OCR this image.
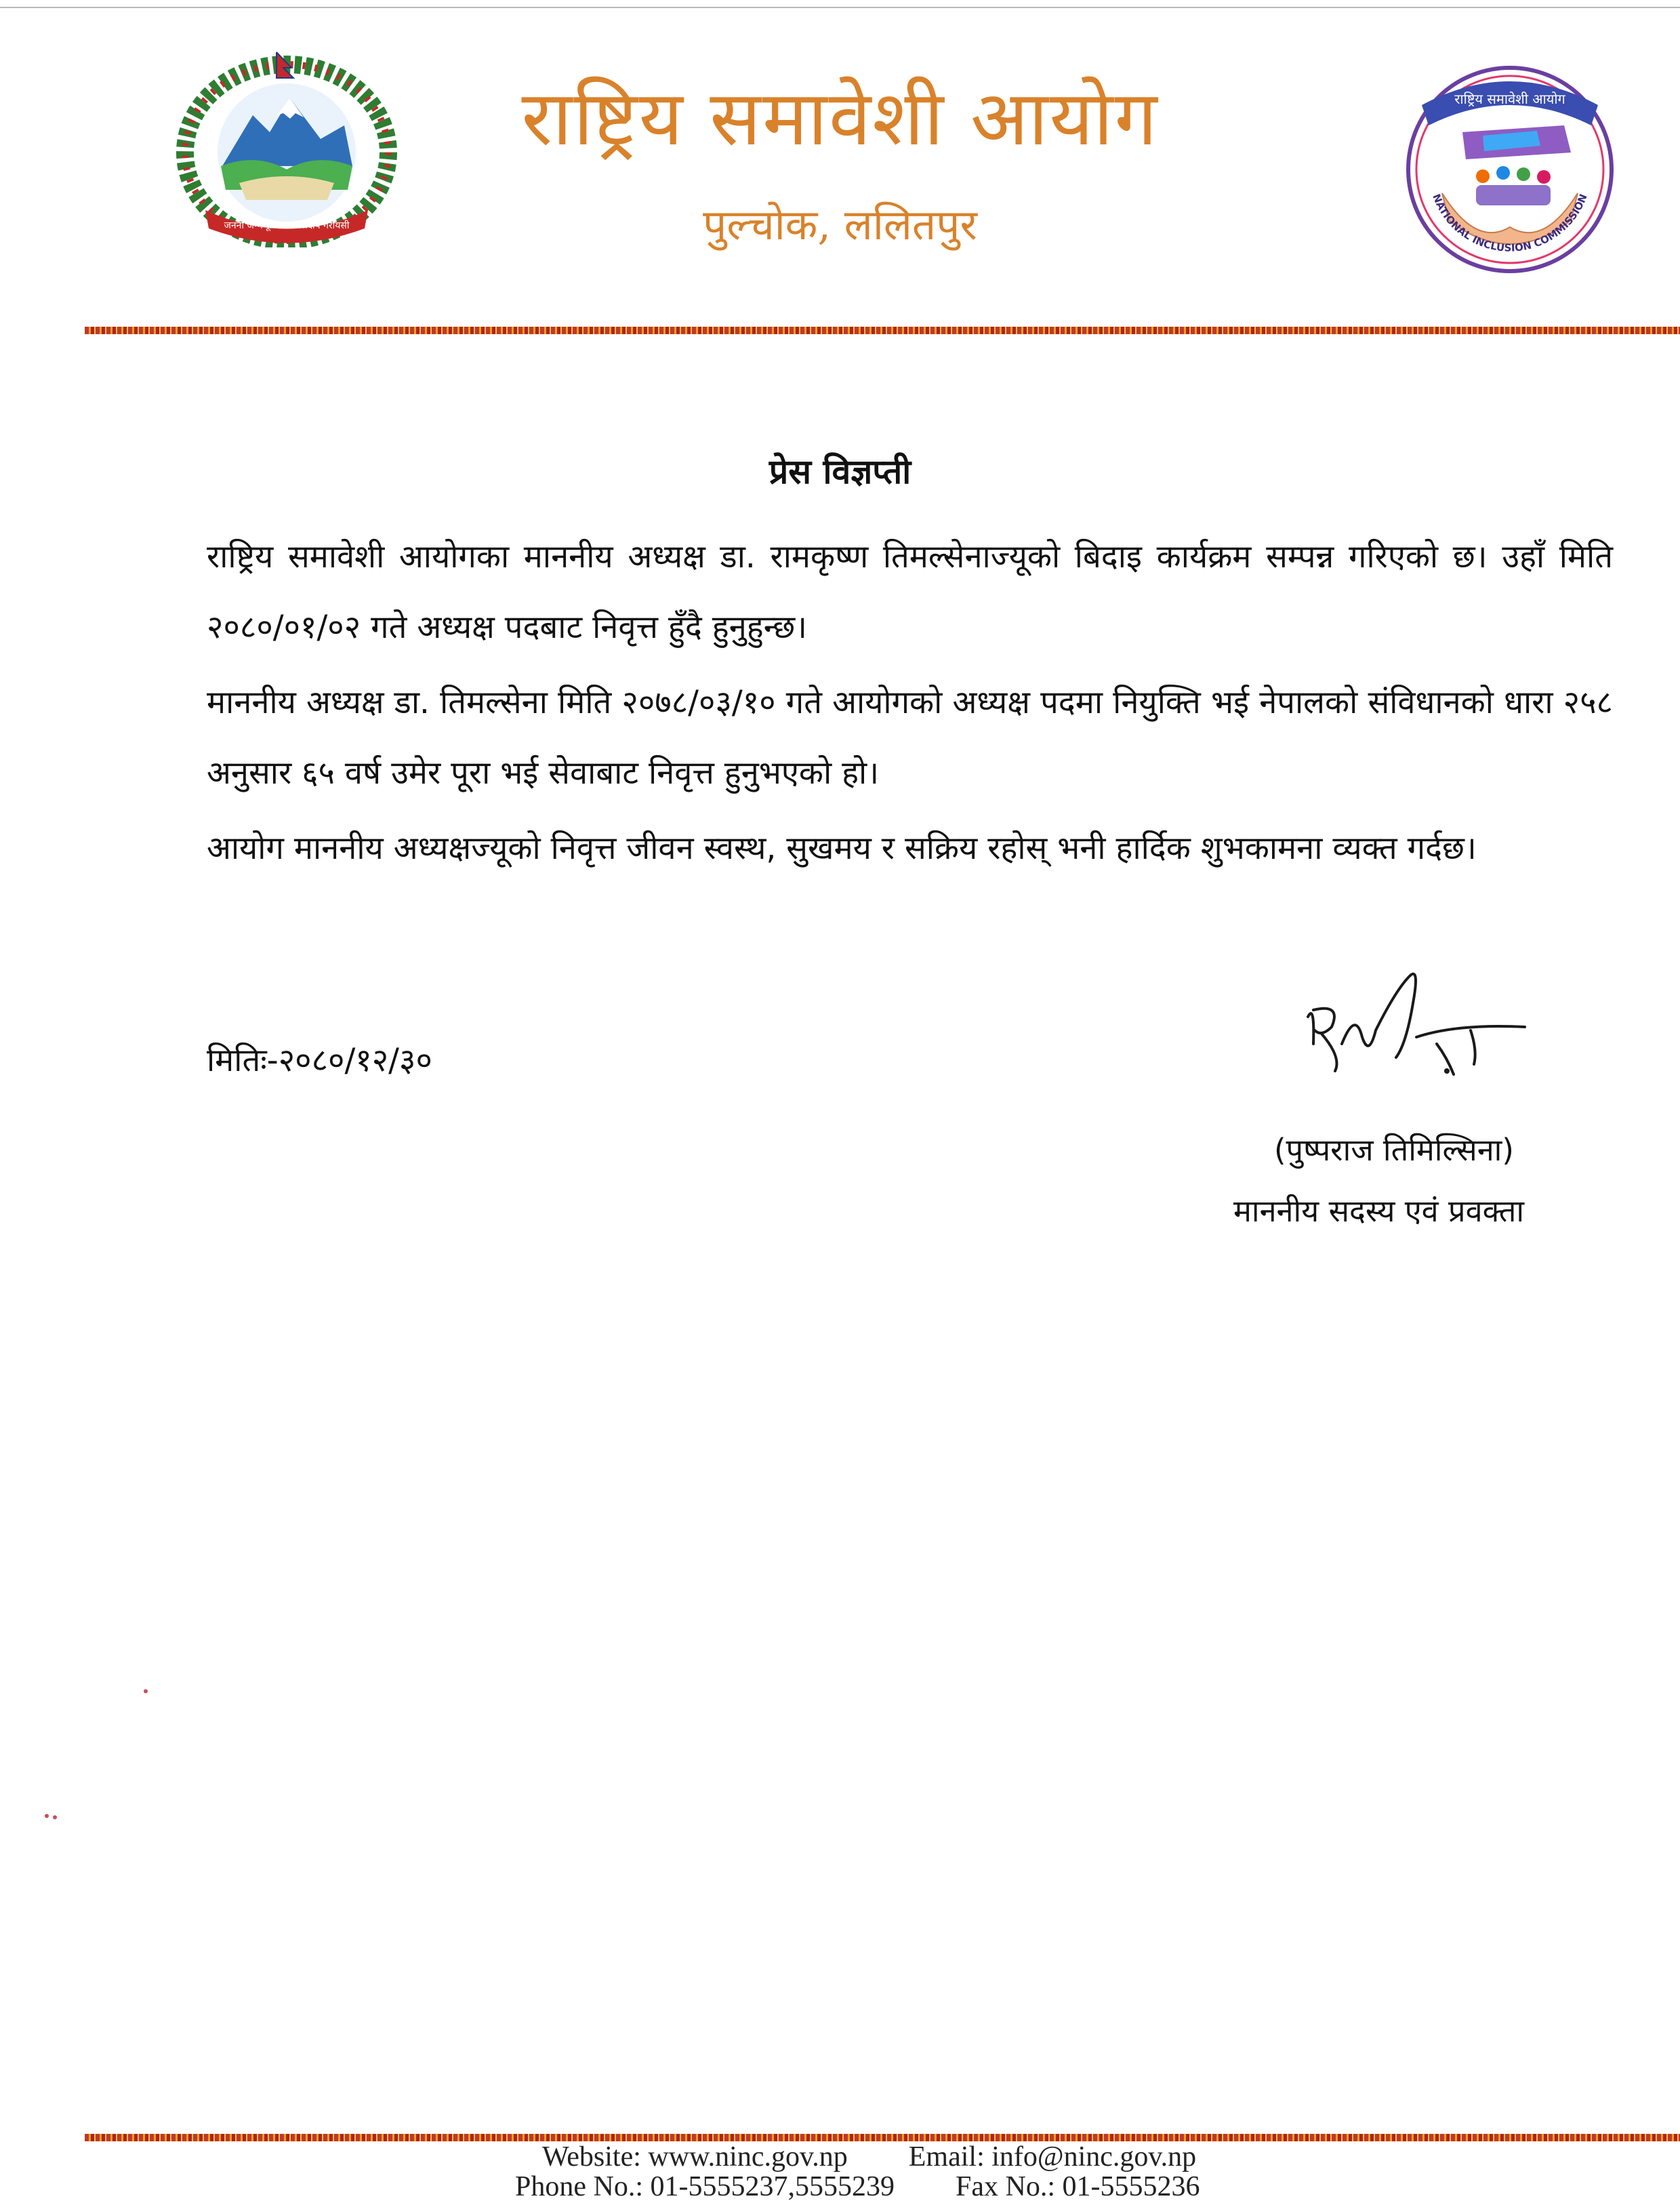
जननी जन्मभूमिश्च स्वर्गादपि गरीयसी
राष्ट्रिय समावेशी आयोग
पुल्चोक, ललितपुर
राष्ट्रिय समावेशी आयोग
NATIONAL INCLUSION COMMISSION
प्रेस विज्ञप्ती
राष्ट्रिय समावेशी आयोगका माननीय अध्यक्ष डा. रामकृष्ण तिमल्सेनाज्यूको बिदाइ कार्यक्रम सम्पन्न गरिएको छ। उहाँ मिति २०८०/०१/०२ गते अध्यक्ष पदबाट निवृत्त हुँदै हुनुहुन्छ।
माननीय अध्यक्ष डा. तिमल्सेना मिति २०७८/०३/१० गते आयोगको अध्यक्ष पदमा नियुक्ति भई नेपालको संविधानको धारा २५८ अनुसार ६५ वर्ष उमेर पूरा भई सेवाबाट निवृत्त हुनुभएको हो।
आयोग माननीय अध्यक्षज्यूको निवृत्त जीवन स्वस्थ, सुखमय र सक्रिय रहोस् भनी हार्दिक शुभकामना व्यक्त गर्दछ।
मितिः-२०८०/१२/३०
(पुष्पराज तिमिल्सिना)
माननीय सदस्य एवं प्रवक्ता
Website: www.ninc.gov.np Email: info@ninc.gov.np
Phone No.: 01-5555237,5555239 Fax No.: 01-5555236
